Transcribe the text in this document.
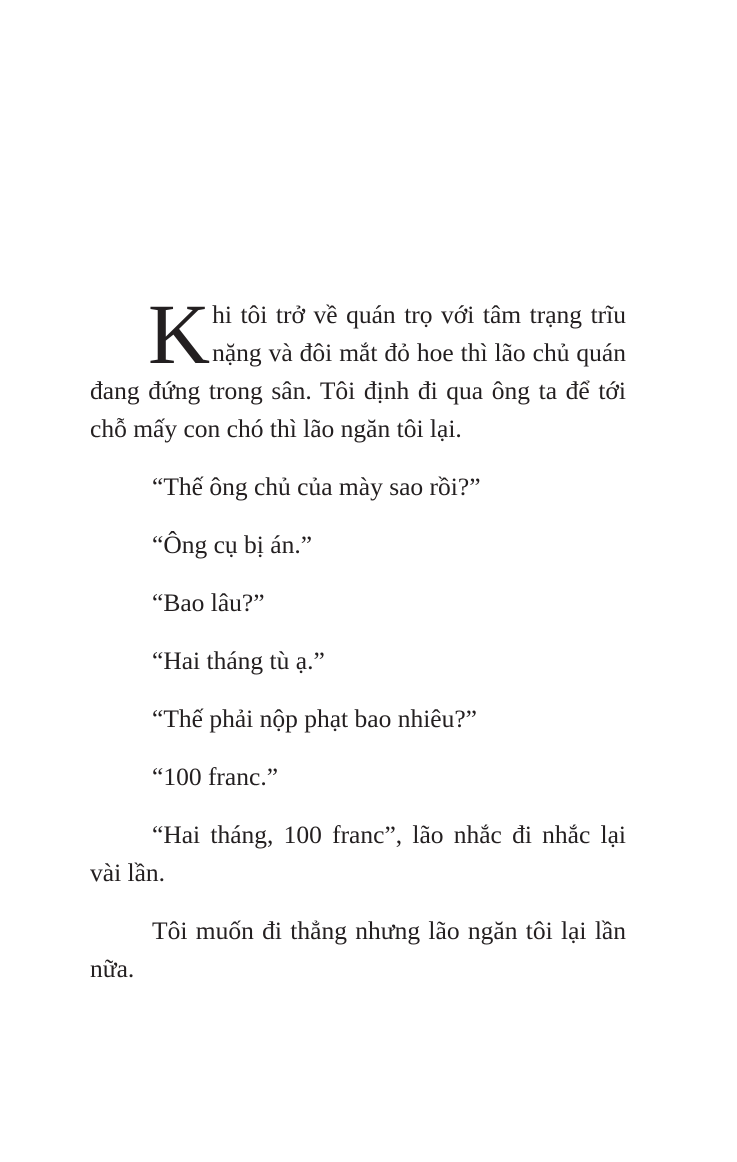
Khi tôi trở về quán trọ với tâm trạng trĩu nặng và đôi mắt đỏ hoe thì lão chủ quán đang đứng trong sân. Tôi định đi qua ông ta để tới chỗ mấy con chó thì lão ngăn tôi lại.

“Thế ông chủ của mày sao rồi?”

“Ông cụ bị án.”

“Bao lâu?”

“Hai tháng tù ạ.”

“Thế phải nộp phạt bao nhiêu?”

“100 franc.”

“Hai tháng, 100 franc”, lão nhắc đi nhắc lại vài lần.

Tôi muốn đi thẳng nhưng lão ngăn tôi lại lần nữa.
